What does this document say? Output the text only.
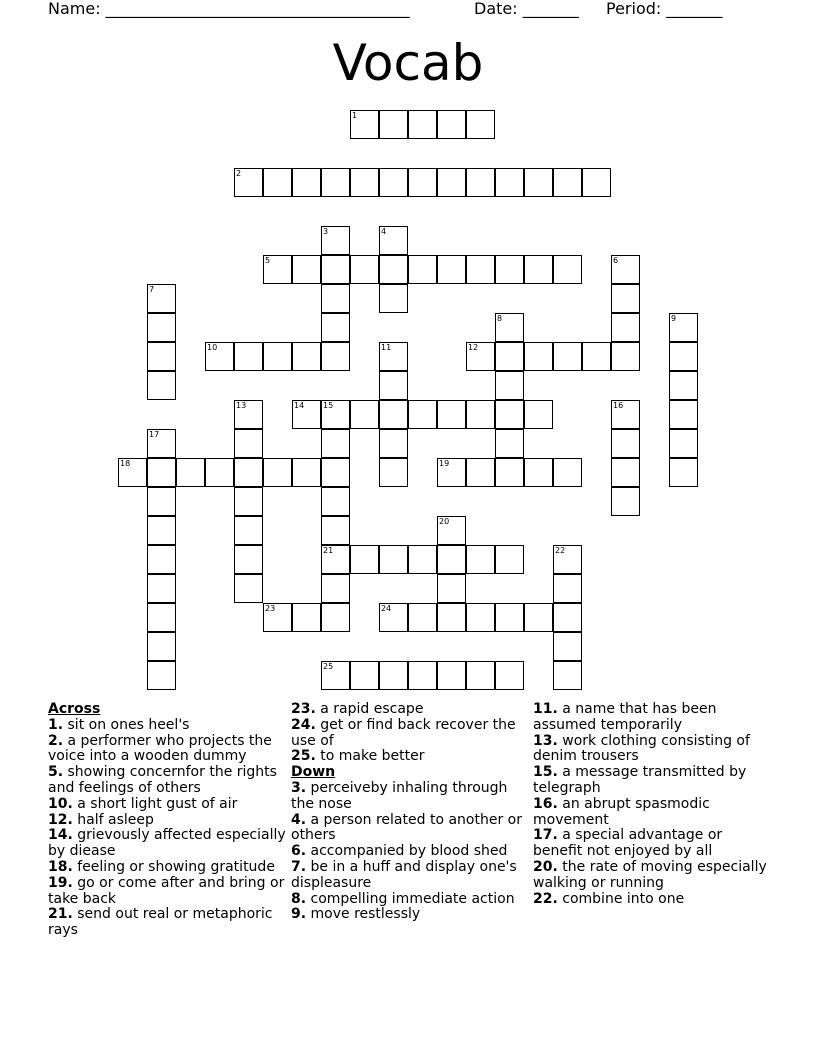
Name: ______________________________________	Date: _______ Period: _______
Vocab
1
2
3	4
5	6
7
8	9
10	11	12
13	14 15	16
17
18	19
20
21	22
23	24
25
Across

1. sit on ones heel's

2. a performer who projects the voice into a wooden dummy

5. showing concernfor the rights and feelings of others

10. a short light gust of air

12. half asleep

14. grievously affected especially by diease

18. feeling or showing gratitude

19. go or come after and bring or take back

21. send out real or metaphoric rays

23. a rapid escape

24. get or find back recover the use of

25. to make better

Down

3. perceiveby inhaling through the nose

4. a person related to another or others

6. accompanied by blood shed

7. be in a huff and display one's displeasure

8. compelling immediate action

9. move restlessly

11. a name that has been assumed temporarily

13. work clothing consisting of denim trousers

15. a message transmitted by telegraph

16. an abrupt spasmodic movement

17. a special advantage or benefit not enjoyed by all

20. the rate of moving especially walking or running

22. combine into one
